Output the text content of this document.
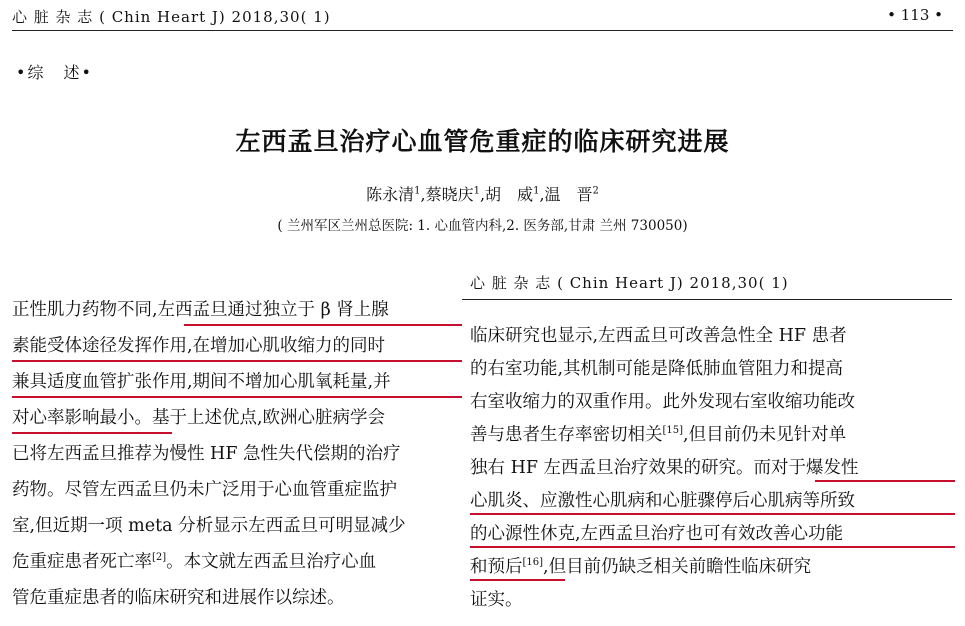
心 脏 杂 志 ( Chin Heart J) 2018,30( 1)	• 113 •
•综　述•
左西孟旦治疗心血管危重症的临床研究进展
陈永清$^1$,蔡晓庆$^1$,胡　威$^1$,温　晋$^2$
( 兰州军区兰州总医院: 1. 心血管内科,2. 医务部,甘肃 兰州 730050)
正性肌力药物不同,左西孟旦通过独立于 β 肾上腺
素能受体途径发挥作用,在增加心肌收缩力的同时
兼具适度血管扩张作用,期间不增加心肌氧耗量,并
对心率影响最小。基于上述优点,欧洲心脏病学会
已将左西孟旦推荐为慢性 HF 急性失代偿期的治疗
药物。尽管左西孟旦仍未广泛用于心血管重症监护
室,但近期一项 meta 分析显示左西孟旦可明显减少
危重症患者死亡率[2]。本文就左西孟旦治疗心血
管危重症患者的临床研究和进展作以综述。
心 脏 杂 志 ( Chin Heart J) 2018,30( 1)
临床研究也显示,左西孟旦可改善急性全 HF 患者
的右室功能,其机制可能是降低肺血管阻力和提高
右室收缩力的双重作用。此外发现右室收缩功能改
善与患者生存率密切相关[15],但目前仍未见针对单
独右 HF 左西孟旦治疗效果的研究。而对于爆发性
心肌炎、应激性心肌病和心脏骤停后心肌病等所致
的心源性休克,左西孟旦治疗也可有效改善心功能
和预后[16],但目前仍缺乏相关前瞻性临床研究
证实。
